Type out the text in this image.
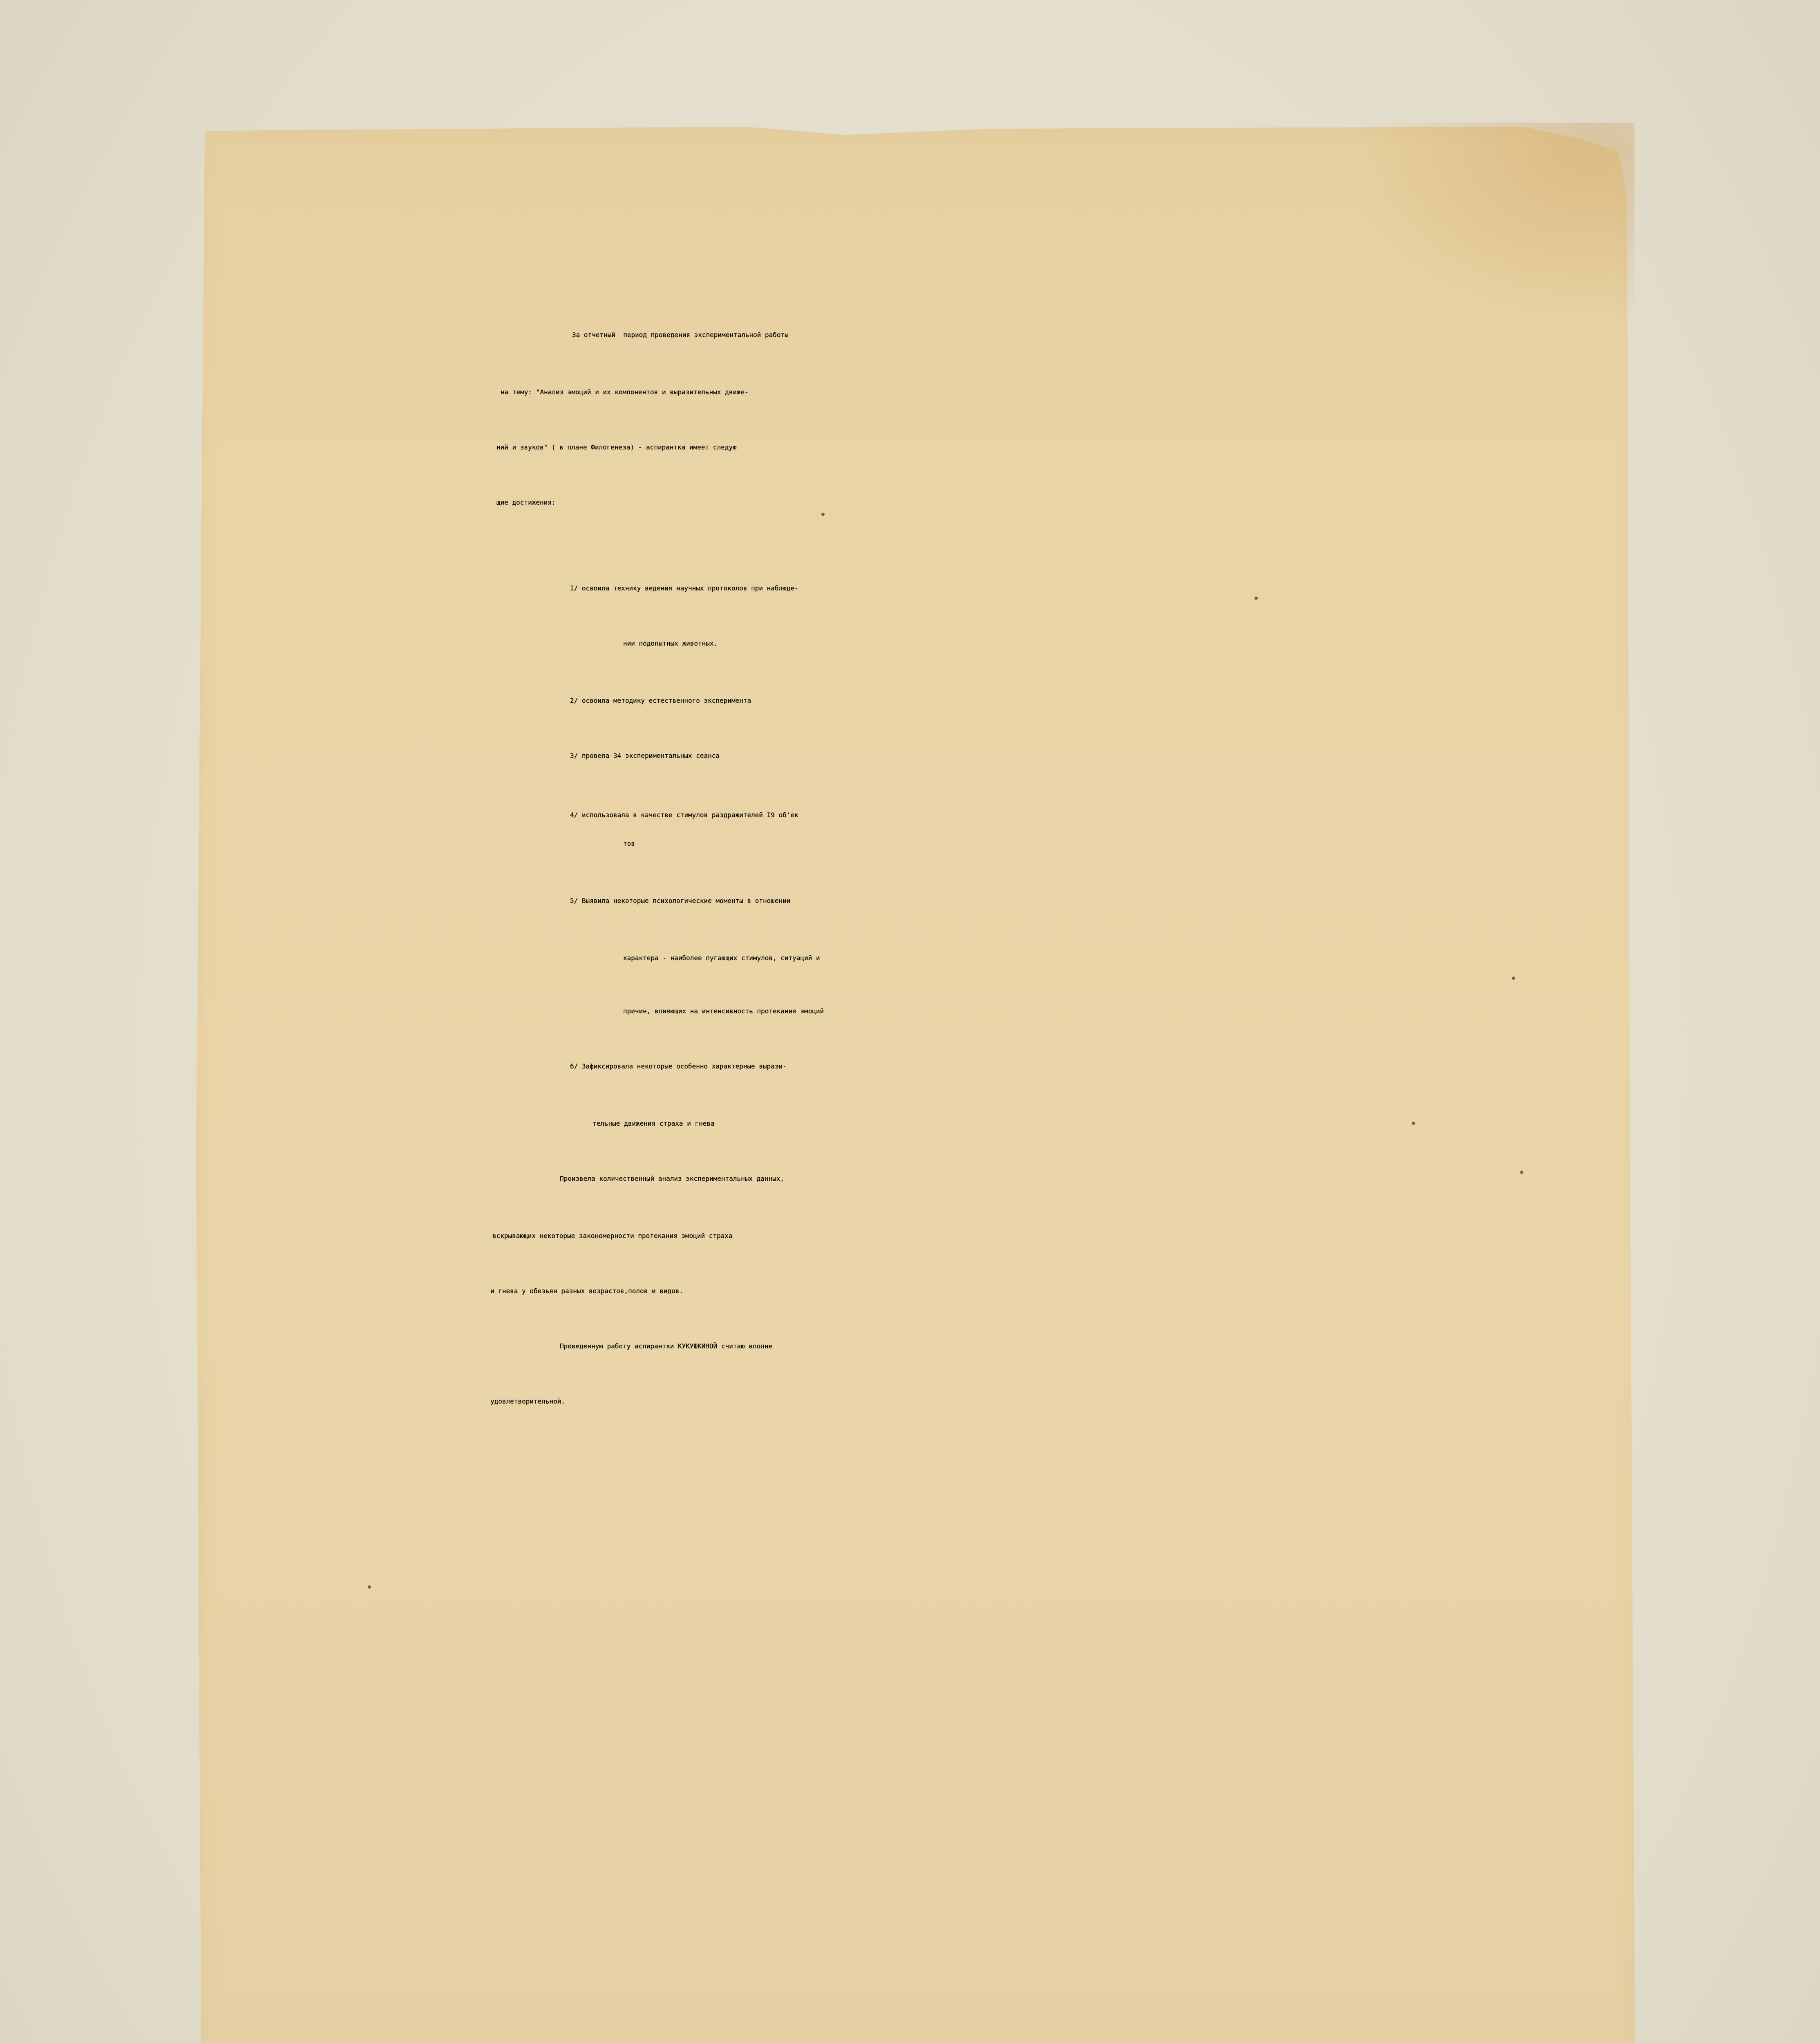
За отчетный  период проведения экспериментальной работы
на тему: "Анализ эмоций и их компонентов и выразительных движе-
ний и звуков" ( в плане Филогенеза) - аспирантка имеет следую
щие достижения:
I/ освоила технику ведения научных протоколов при наблюде-
нии подопытных животных.
2/ освоила методику естественного эксперимента
3/ провела 34 экспериментальных сеанса
4/ использовала в качестве стимулов раздражителей I9 об'ек
тов
5/ Выявила некоторые психологические моменты в отношении
характера - наиболее пугающих стимулов, ситуаций и
причин, влияющих на интенсивность протекания эмоций
6/ Зафиксировала некоторые особенно характерные вырази-
тельные движения страха и гнева
Произвела количественный анализ экспериментальных данных,
вскрывающих некоторые закономерности протекания эмоций страха
и гнева у обезьян разных возрастов,полов и видов.
Проведенную работу аспирантки КУКУШКИНОЙ считаю вполне
удовлетворительной.
